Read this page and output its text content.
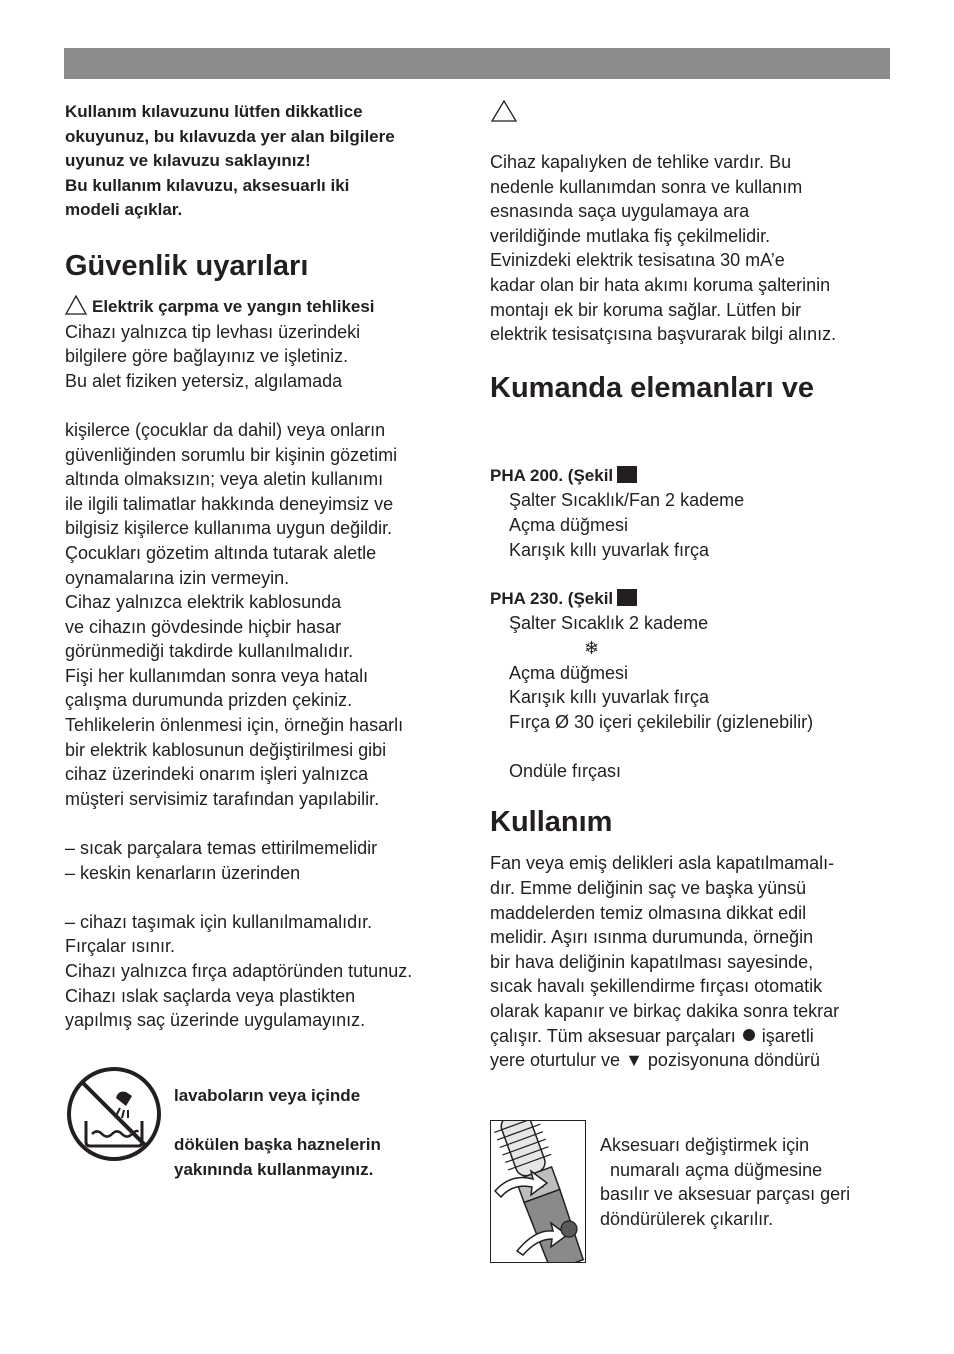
Kullanım kılavuzunu lütfen dikkatlice

okuyunuz, bu kılavuzda yer alan bilgilere

uyunuz ve kılavuzu saklayınız!

Bu kullanım kılavuzu, aksesuarlı iki

modeli açıklar.

Güvenlik uyarıları

Elektrik çarpma ve yangın tehlikesi

Cihazı yalnızca tip levhası üzerindeki

bilgilere göre bağlayınız ve işletiniz.

Bu alet fiziken yetersiz, algılamada

kişilerce (çocuklar da dahil) veya onların

güvenliğinden sorumlu bir kişinin gözetimi

altında olmaksızın; veya aletin kullanımı

ile ilgili talimatlar hakkında deneyimsiz ve

bilgisiz kişilerce kullanıma uygun değildir.

Çocukları gözetim altında tutarak aletle

oynamalarına izin vermeyin.

Cihaz yalnızca elektrik kablosunda

ve cihazın gövdesinde hiçbir hasar

görünmediği takdirde kullanılmalıdır.

Fişi her kullanımdan sonra veya hatalı

çalışma durumunda prizden çekiniz.

Tehlikelerin önlenmesi için, örneğin hasarlı

bir elektrik kablosunun değiştirilmesi gibi

cihaz üzerindeki onarım işleri yalnızca

müşteri servisimiz tarafından yapılabilir.

– sıcak parçalara temas ettirilmemelidir

– keskin kenarların üzerinden

– cihazı taşımak için kullanılmamalıdır.

Fırçalar ısınır.

Cihazı yalnızca fırça adaptöründen tutunuz.

Cihazı ıslak saçlarda veya plastikten

yapılmış saç üzerinde uygulamayınız.

lavaboların veya içinde

dökülen başka haznelerin

yakınında kullanmayınız.

Cihaz kapalıyken de tehlike vardır. Bu

nedenle kullanımdan sonra ve kullanım

esnasında saça uygulamaya ara

verildiğinde mutlaka fiş çekilmelidir.

Evinizdeki elektrik tesisatına 30 mA’e

kadar olan bir hata akımı koruma şalterinin

montajı ek bir koruma sağlar. Lütfen bir

elektrik tesisatçısına başvurarak bilgi alınız.

Kumanda elemanları ve

PHA 200. (Şekil

Şalter Sıcaklık/Fan 2 kademe

Açma düğmesi

Karışık kıllı yuvarlak fırça

PHA 230. (Şekil

Şalter Sıcaklık 2 kademe

❄

Açma düğmesi

Karışık kıllı yuvarlak fırça

Fırça Ø 30 içeri çekilebilir (gizlenebilir)

Ondüle fırçası

Kullanım

Fan veya emiş delikleri asla kapatılmamalı-

dır. Emme deliğinin saç ve başka yünsü

maddelerden temiz olmasına dikkat edil

melidir. Aşırı ısınma durumunda, örneğin

bir hava deliğinin kapatılması sayesinde,

sıcak havalı şekillendirme fırçası otomatik

olarak kapanır ve birkaç dakika sonra tekrar

çalışır. Tüm aksesuar parçaları işaretli

yere oturtulur ve ▼ pozisyonuna döndürü

Aksesuarı değiştirmek için

numaralı açma düğmesine

basılır ve aksesuar parçası geri

döndürülerek çıkarılır.
